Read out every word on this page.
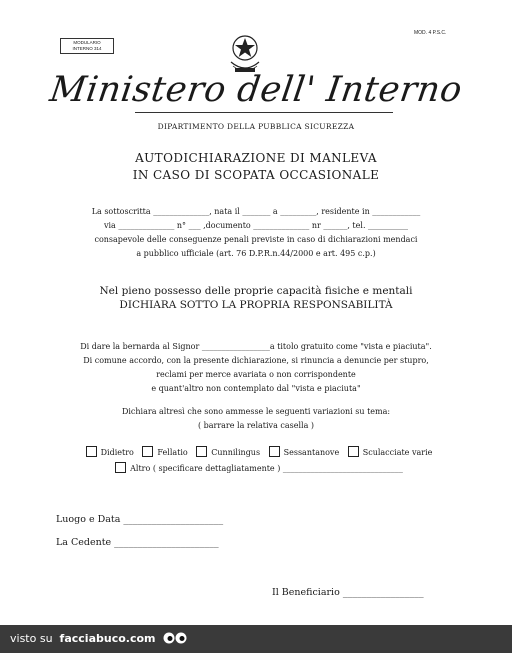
MODULARIO
INTERNO 314
MOD. 4 P.S.C.
Ministero dell' Interno
DIPARTIMENTO DELLA PUBBLICA SICUREZZA
AUTODICHIARAZIONE DI MANLEVA
IN CASO DI SCOPATA OCCASIONALE
La sottoscritta ______________, nata il _______ a _________, residente in ____________
via ______________ n° ___ ,documento ______________ nr ______, tel. __________
consapevole delle conseguenze penali previste in caso di dichiarazioni mendaci
a pubblico ufficiale (art. 76 D.P.R.n.44/2000 e art. 495 c.p.)
Nel pieno possesso delle proprie capacità fisiche e mentali
DICHIARA SOTTO LA PROPRIA RESPONSABILITÀ
Di dare la bernarda al Signor _________________a titolo gratuito come "vista e piaciuta".
Di comune accordo, con la presente dichiarazione, si rinuncia a denuncie per stupro,
reclami per merce avariata o non corrispondente
e quant'altro non contemplato dal "vista e piaciuta"
Dichiara altresì che sono ammesse le seguenti variazioni su tema:
( barrare la relativa casella )
Didietro	Fellatio	Cunnilingus	Sessantanove	Sculacciate varie
Altro ( specificare dettagliatamente ) ______________________________
Luogo e Data _____________________
La Cedente ______________________
Il Beneficiario _________________
visto su facciabuco.com
